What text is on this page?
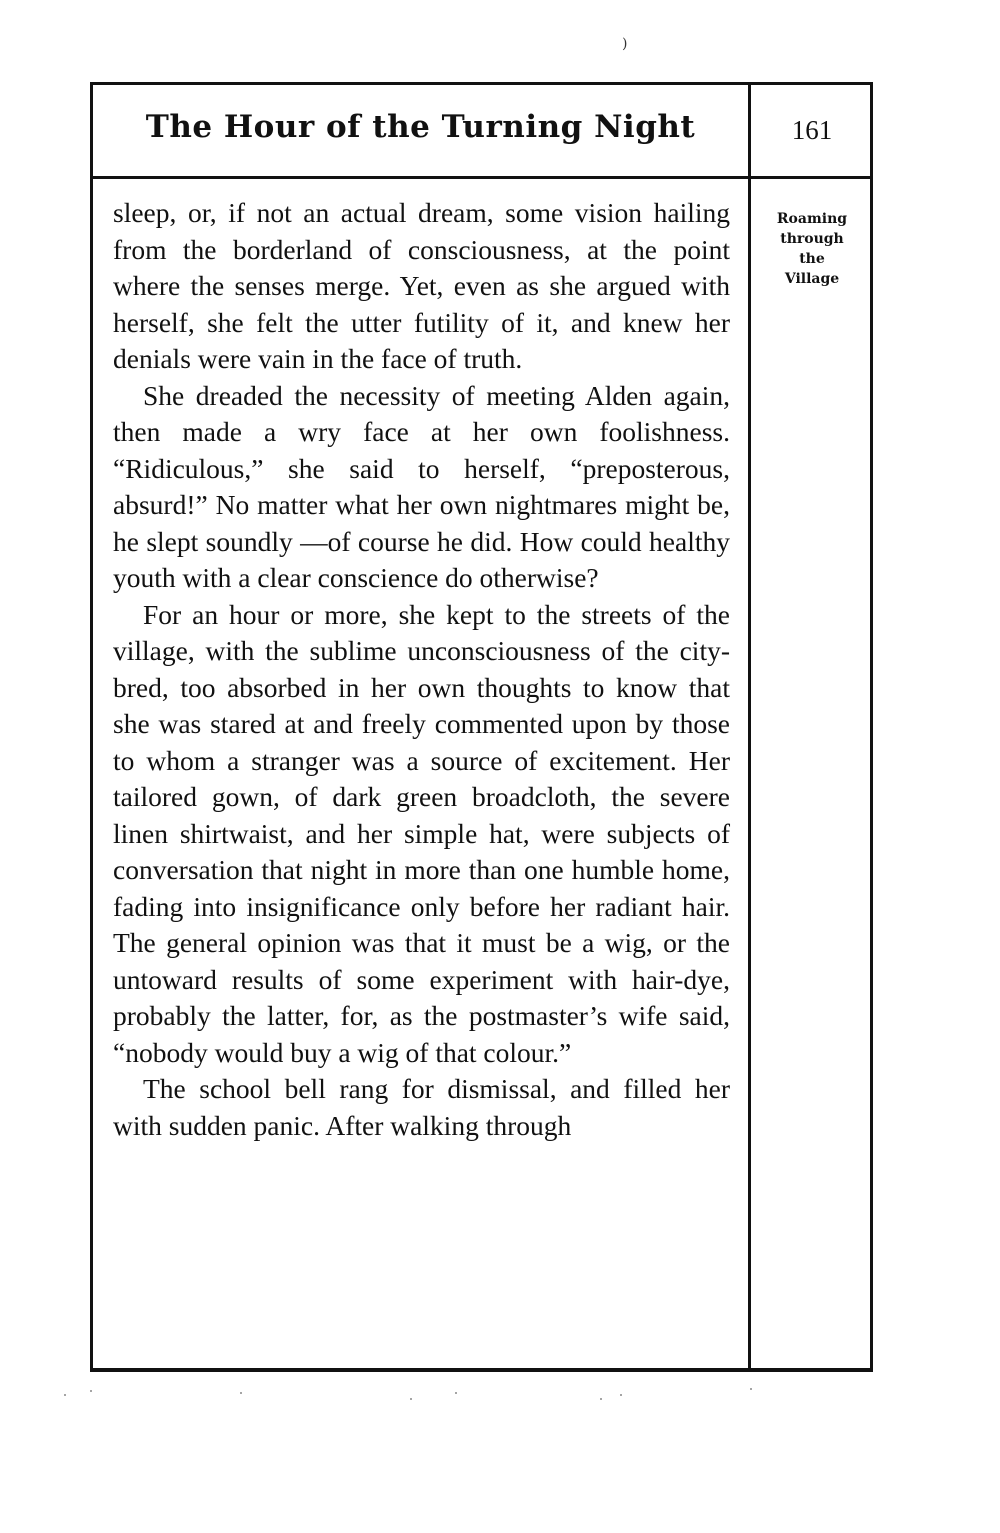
)
The Hour of the Turning Night	161

sleep, or, if not an actual dream, some vision hailing from the borderland of consciousness, at the point where the senses merge. Yet, even as she argued with herself, she felt the utter futility of it, and knew her denials were vain in the face of truth.

She dreaded the necessity of meeting Alden again, then made a wry face at her own foolishness. “Ridiculous,” she said to herself, “preposterous, absurd!” No matter what her own nightmares might be, he slept soundly —of course he did. How could healthy youth with a clear conscience do otherwise?

For an hour or more, she kept to the streets of the village, with the sublime unconsciousness of the city-bred, too absorbed in her own thoughts to know that she was stared at and freely commented upon by those to whom a stranger was a source of excitement. Her tailored gown, of dark green broadcloth, the severe linen shirtwaist, and her simple hat, were subjects of conversation that night in more than one humble home, fading into insignificance only before her radiant hair. The general opinion was that it must be a wig, or the untoward results of some experiment with hair-dye, probably the latter, for, as the postmaster’s wife said, “nobody would buy a wig of that colour.”

The school bell rang for dismissal, and filled her with sudden panic. After walking through

Roaming
through
the
Village
